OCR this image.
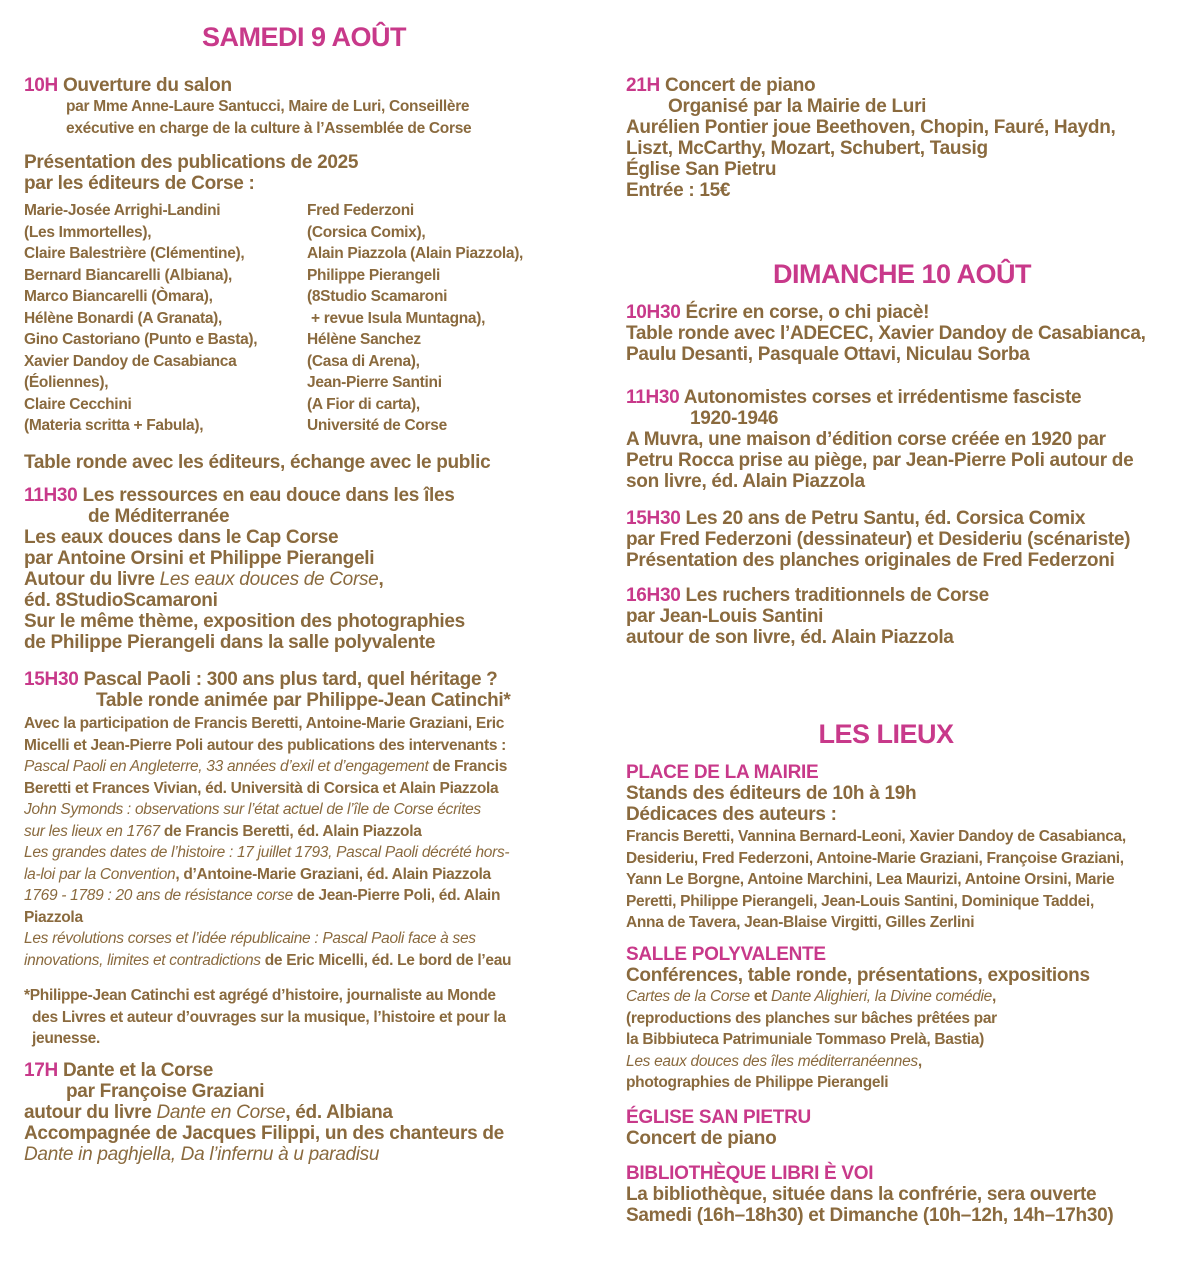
SAMEDI 9 AOÛT
10H Ouverture du salon
par Mme Anne-Laure Santucci, Maire de Luri, Conseillère
exécutive en charge de la culture à l’Assemblée de Corse
Présentation des publications de 2025
par les éditeurs de Corse :
Marie-Josée Arrighi-Landini
(Les Immortelles),
Claire Balestrière (Clémentine),
Bernard Biancarelli (Albiana),
Marco Biancarelli (Òmara),
Hélène Bonardi (A Granata),
Gino Castoriano (Punto e Basta),
Xavier Dandoy de Casabianca
(Éoliennes),
Claire Cecchini
(Materia scritta + Fabula),
Fred Federzoni
(Corsica Comix),
Alain Piazzola (Alain Piazzola),
Philippe Pierangeli
(8Studio Scamaroni
+ revue Isula Muntagna),
Hélène Sanchez
(Casa di Arena),
Jean-Pierre Santini
(A Fior di carta),
Université de Corse
Table ronde avec les éditeurs, échange avec le public
11H30 Les ressources en eau douce dans les îles
de Méditerranée
Les eaux douces dans le Cap Corse
par Antoine Orsini et Philippe Pierangeli
Autour du livre Les eaux douces de Corse,
éd. 8StudioScamaroni
Sur le même thème, exposition des photographies
de Philippe Pierangeli dans la salle polyvalente
15H30 Pascal Paoli : 300 ans plus tard, quel héritage ?
Table ronde animée par Philippe-Jean Catinchi*
Avec la participation de Francis Beretti, Antoine-Marie Graziani, Eric
Micelli et Jean-Pierre Poli autour des publications des intervenants :
Pascal Paoli en Angleterre, 33 années d’exil et d’engagement de Francis
Beretti et Frances Vivian, éd. Università di Corsica et Alain Piazzola
John Symonds : observations sur l’état actuel de l’île de Corse écrites
sur les lieux en 1767 de Francis Beretti, éd. Alain Piazzola
Les grandes dates de l’histoire : 17 juillet 1793, Pascal Paoli décrété hors-
la-loi par la Convention, d’Antoine-Marie Graziani, éd. Alain Piazzola
1769 - 1789 : 20 ans de résistance corse de Jean-Pierre Poli, éd. Alain
Piazzola
Les révolutions corses et l’idée républicaine : Pascal Paoli face à ses
innovations, limites et contradictions de Eric Micelli, éd. Le bord de l’eau
*Philippe-Jean Catinchi est agrégé d’histoire, journaliste au Monde
des Livres et auteur d’ouvrages sur la musique, l’histoire et pour la
jeunesse.
17H Dante et la Corse
par Françoise Graziani
autour du livre Dante en Corse, éd. Albiana
Accompagnée de Jacques Filippi, un des chanteurs de
Dante in paghjella, Da l’infernu à u paradisu
21H Concert de piano
Organisé par la Mairie de Luri
Aurélien Pontier joue Beethoven, Chopin, Fauré, Haydn,
Liszt, McCarthy, Mozart, Schubert, Tausig
Église San Pietru
Entrée : 15€
DIMANCHE 10 AOÛT
10H30 Écrire en corse, o chi piacè!
Table ronde avec l’ADECEC, Xavier Dandoy de Casabianca,
Paulu Desanti, Pasquale Ottavi, Niculau Sorba
11H30 Autonomistes corses et irrédentisme fasciste
1920-1946
A Muvra, une maison d’édition corse créée en 1920 par
Petru Rocca prise au piège, par Jean-Pierre Poli autour de
son livre, éd. Alain Piazzola
15H30 Les 20 ans de Petru Santu, éd. Corsica Comix
par Fred Federzoni (dessinateur) et Desideriu (scénariste)
Présentation des planches originales de Fred Federzoni
16H30 Les ruchers traditionnels de Corse
par Jean-Louis Santini
autour de son livre, éd. Alain Piazzola
LES LIEUX
PLACE DE LA MAIRIE
Stands des éditeurs de 10h à 19h
Dédicaces des auteurs :
Francis Beretti, Vannina Bernard-Leoni, Xavier Dandoy de Casabianca,
Desideriu, Fred Federzoni, Antoine-Marie Graziani, Françoise Graziani,
Yann Le Borgne, Antoine Marchini, Lea Maurizi, Antoine Orsini, Marie
Peretti, Philippe Pierangeli, Jean-Louis Santini, Dominique Taddei,
Anna de Tavera, Jean-Blaise Virgitti, Gilles Zerlini
SALLE POLYVALENTE
Conférences, table ronde, présentations, expositions
Cartes de la Corse et Dante Alighieri, la Divine comédie,
(reproductions des planches sur bâches prêtées par
la Bibbiuteca Patrimuniale Tommaso Prelà, Bastia)
Les eaux douces des îles méditerranéennes,
photographies de Philippe Pierangeli
ÉGLISE SAN PIETRU
Concert de piano
BIBLIOTHÈQUE LIBRI È VOI
La bibliothèque, située dans la confrérie, sera ouverte
Samedi (16h–18h30) et Dimanche (10h–12h, 14h–17h30)
